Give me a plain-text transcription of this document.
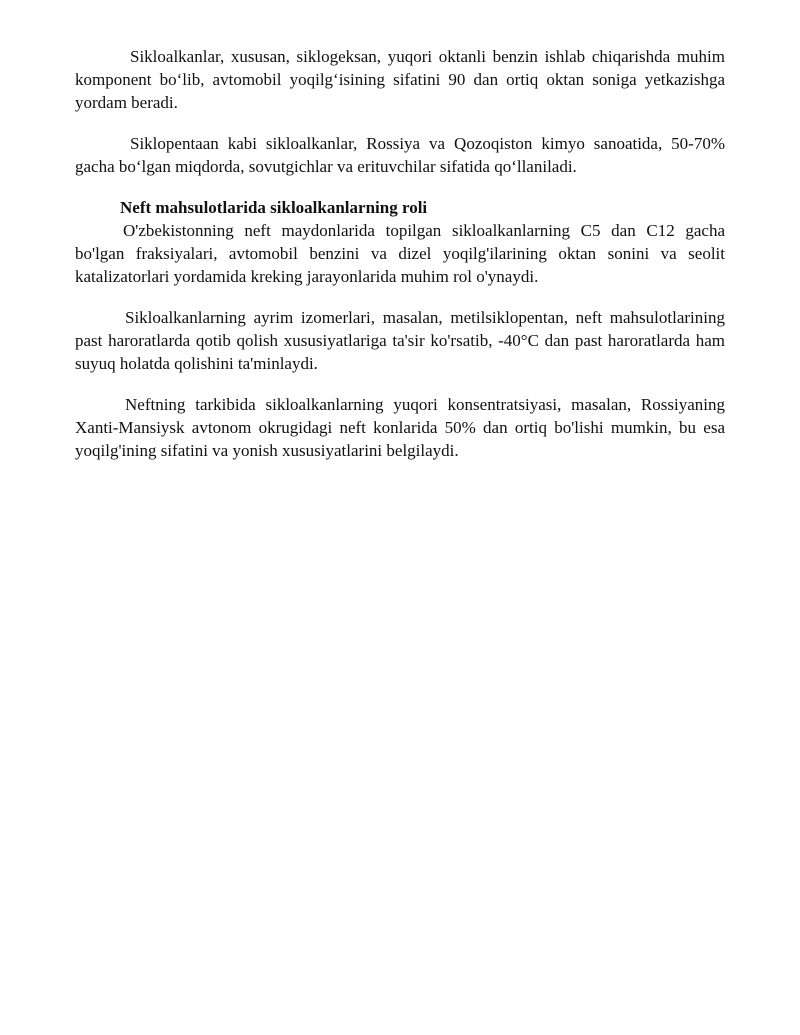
Sikloalkanlar, xususan, siklogeksan, yuqori oktanli benzin ishlab chiqarishda muhim komponent bo‘lib, avtomobil yoqilg‘isining sifatini 90 dan ortiq oktan soniga yetkazishga yordam beradi.

Siklopentaan kabi sikloalkanlar, Rossiya va Qozoqiston kimyo sanoatida, 50-70% gacha bo‘lgan miqdorda, sovutgichlar va erituvchilar sifatida qo‘llaniladi.

Neft mahsulotlarida sikloalkanlarning roli

O'zbekistonning neft maydonlarida topilgan sikloalkanlarning C5 dan C12 gacha bo'lgan fraksiyalari, avtomobil benzini va dizel yoqilg'ilarining oktan sonini va seolit katalizatorlari yordamida kreking jarayonlarida muhim rol o'ynaydi.

Sikloalkanlarning ayrim izomerlari, masalan, metilsiklopentan, neft mahsulotlarining past haroratlarda qotib qolish xususiyatlariga ta'sir ko'rsatib, -40°C dan past haroratlarda ham suyuq holatda qolishini ta'minlaydi.

Neftning tarkibida sikloalkanlarning yuqori konsentratsiyasi, masalan, Rossiyaning Xanti-Mansiysk avtonom okrugidagi neft konlarida 50% dan ortiq bo'lishi mumkin, bu esa yoqilg'ining sifatini va yonish xususiyatlarini belgilaydi.
